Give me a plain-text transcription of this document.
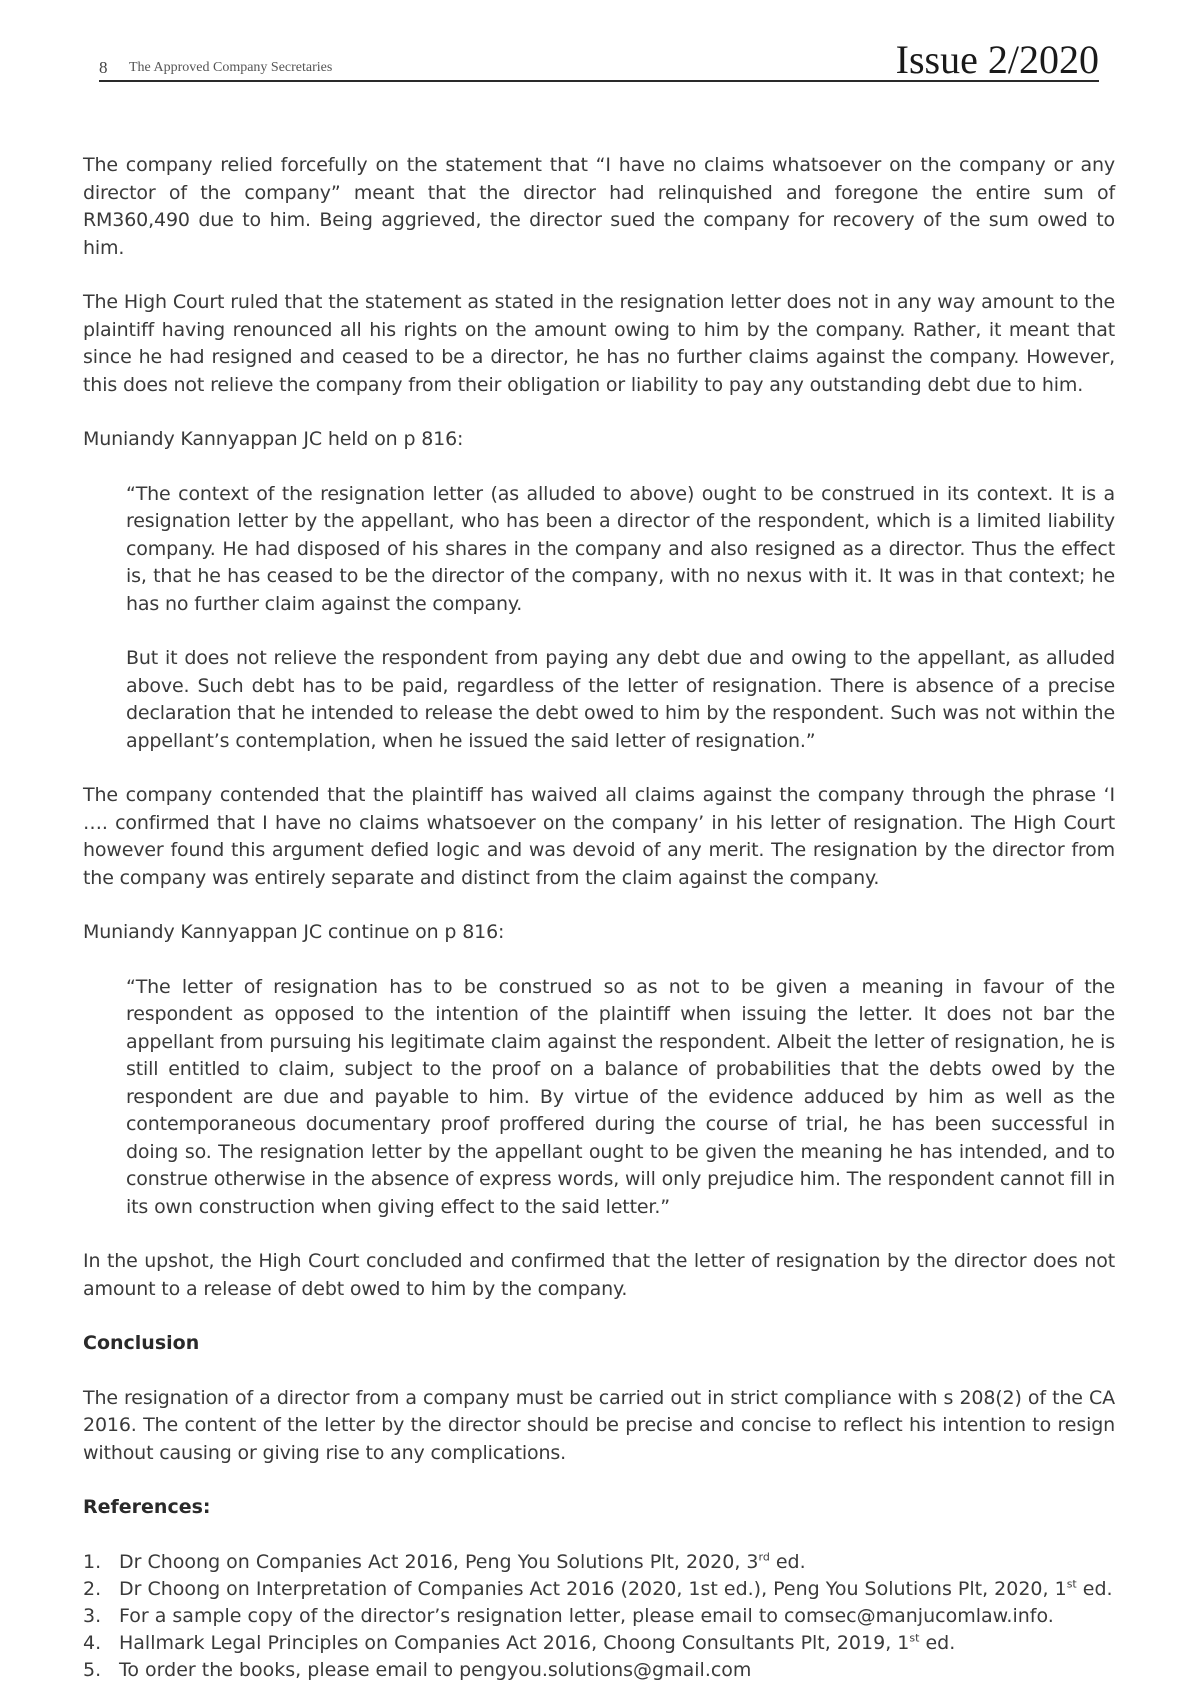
8 The Approved Company Secretaries	Issue 2/2020

The company relied forcefully on the statement that “I have no claims whatsoever on the company or any director of the company” meant that the director had relinquished and foregone the entire sum of RM360,490 due to him. Being aggrieved, the director sued the company for recovery of the sum owed to him.

The High Court ruled that the statement as stated in the resignation letter does not in any way amount to the plaintiff having renounced all his rights on the amount owing to him by the company. Rather, it meant that since he had resigned and ceased to be a director, he has no further claims against the company. However, this does not relieve the company from their obligation or liability to pay any outstanding debt due to him.

Muniandy Kannyappan JC held on p 816:

“The context of the resignation letter (as alluded to above) ought to be construed in its context. It is a resignation letter by the appellant, who has been a director of the respondent, which is a limited liability company. He had disposed of his shares in the company and also resigned as a director. Thus the effect is, that he has ceased to be the director of the company, with no nexus with it. It was in that context; he has no further claim against the company.

But it does not relieve the respondent from paying any debt due and owing to the appellant, as alluded above. Such debt has to be paid, regardless of the letter of resignation. There is absence of a precise declaration that he intended to release the debt owed to him by the respondent. Such was not within the appellant’s contemplation, when he issued the said letter of resignation.”

The company contended that the plaintiff has waived all claims against the company through the phrase ‘I …. confirmed that I have no claims whatsoever on the company’ in his letter of resignation. The High Court however found this argument defied logic and was devoid of any merit. The resignation by the director from the company was entirely separate and distinct from the claim against the company.

Muniandy Kannyappan JC continue on p 816:

“The letter of resignation has to be construed so as not to be given a meaning in favour of the respondent as opposed to the intention of the plaintiff when issuing the letter. It does not bar the appellant from pursuing his legitimate claim against the respondent. Albeit the letter of resignation, he is still entitled to claim, subject to the proof on a balance of probabilities that the debts owed by the respondent are due and payable to him. By virtue of the evidence adduced by him as well as the contemporaneous documentary proof proffered during the course of trial, he has been successful in doing so. The resignation letter by the appellant ought to be given the meaning he has intended, and to construe otherwise in the absence of express words, will only prejudice him. The respondent cannot fill in its own construction when giving effect to the said letter.”

In the upshot, the High Court concluded and confirmed that the letter of resignation by the director does not amount to a release of debt owed to him by the company.

Conclusion

The resignation of a director from a company must be carried out in strict compliance with s 208(2) of the CA 2016. The content of the letter by the director should be precise and concise to reflect his intention to resign without causing or giving rise to any complications.

References:
1. Dr Choong on Companies Act 2016, Peng You Solutions Plt, 2020, 3rd ed.
2. Dr Choong on Interpretation of Companies Act 2016 (2020, 1st ed.), Peng You Solutions Plt, 2020, 1st ed.
3. For a sample copy of the director’s resignation letter, please email to comsec@manjucomlaw.info.
4. Hallmark Legal Principles on Companies Act 2016, Choong Consultants Plt, 2019, 1st ed.
5. To order the books, please email to pengyou.solutions@gmail.com
